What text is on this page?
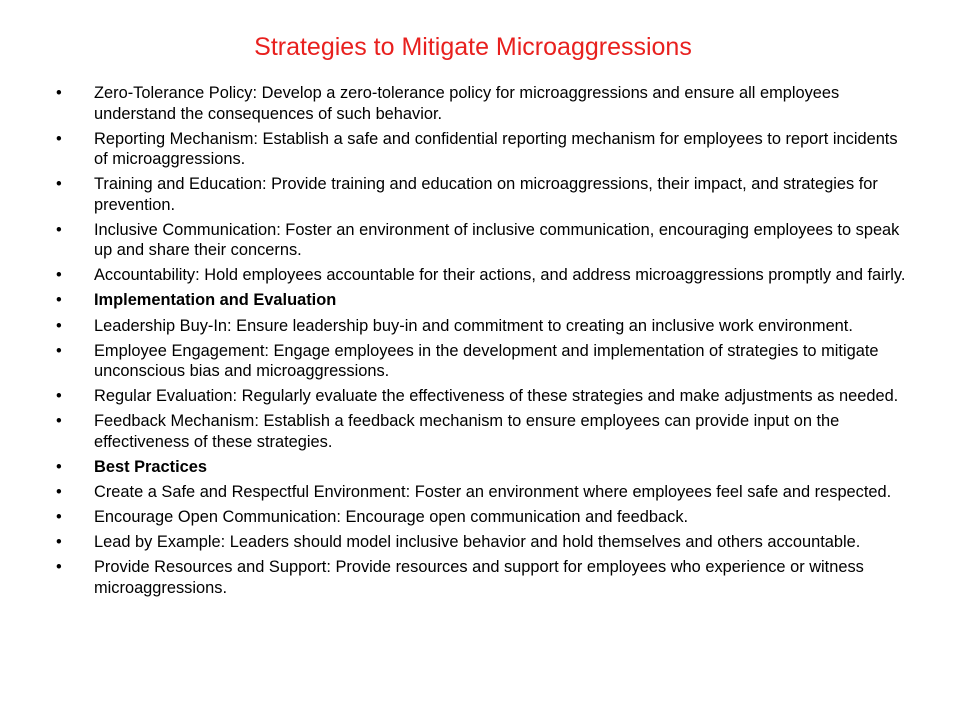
Strategies to Mitigate Microaggressions
•	Zero-Tolerance Policy: Develop a zero-tolerance policy for microaggressions and ensure all employees understand the consequences of such behavior.
•	Reporting Mechanism: Establish a safe and confidential reporting mechanism for employees to report incidents of microaggressions.
•	Training and Education: Provide training and education on microaggressions, their impact, and strategies for prevention.
•	Inclusive Communication: Foster an environment of inclusive communication, encouraging employees to speak up and share their concerns.
•	Accountability: Hold employees accountable for their actions, and address microaggressions promptly and fairly.
•	Implementation and Evaluation
•	Leadership Buy-In: Ensure leadership buy-in and commitment to creating an inclusive work environment.
•	Employee Engagement: Engage employees in the development and implementation of strategies to mitigate unconscious bias and microaggressions.
•	Regular Evaluation: Regularly evaluate the effectiveness of these strategies and make adjustments as needed.
•	Feedback Mechanism: Establish a feedback mechanism to ensure employees can provide input on the effectiveness of these strategies.
•	Best Practices
•	Create a Safe and Respectful Environment: Foster an environment where employees feel safe and respected.
•	Encourage Open Communication: Encourage open communication and feedback.
•	Lead by Example: Leaders should model inclusive behavior and hold themselves and others accountable.
•	Provide Resources and Support: Provide resources and support for employees who experience or witness microaggressions.
